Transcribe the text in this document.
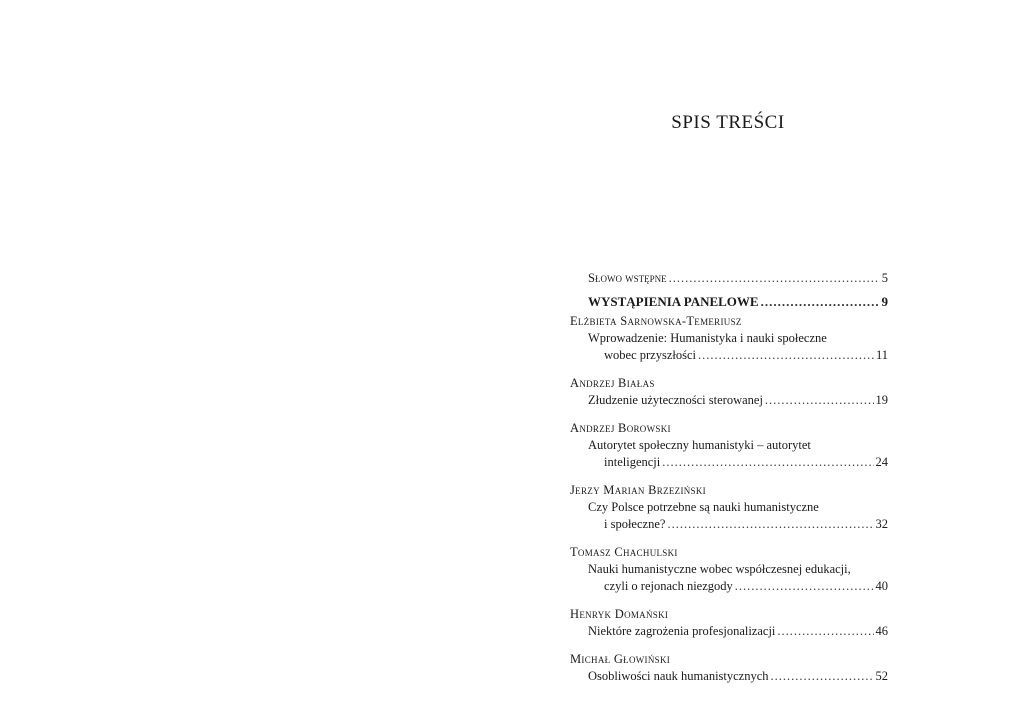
SPIS TREŚCI
Słowo wstępne .....	5
WYSTĄPIENIA PANELOWE .....	9
Elżbieta Sarnowska-Temeriusz
Wprowadzenie: Humanistyka i nauki społeczne
wobec przyszłości .....	11
Andrzej Białas
Złudzenie użyteczności sterowanej .....	19
Andrzej Borowski
Autorytet społeczny humanistyki – autorytet
inteligencji .....	24
Jerzy Marian Brzeziński
Czy Polsce potrzebne są nauki humanistyczne
i społeczne? .....	32
Tomasz Chachulski
Nauki humanistyczne wobec współczesnej edukacji,
czyli o rejonach niezgody .....	40
Henryk Domański
Niektóre zagrożenia profesjonalizacji .....	46
Michał Głowiński
Osobliwości nauk humanistycznych .....	52
